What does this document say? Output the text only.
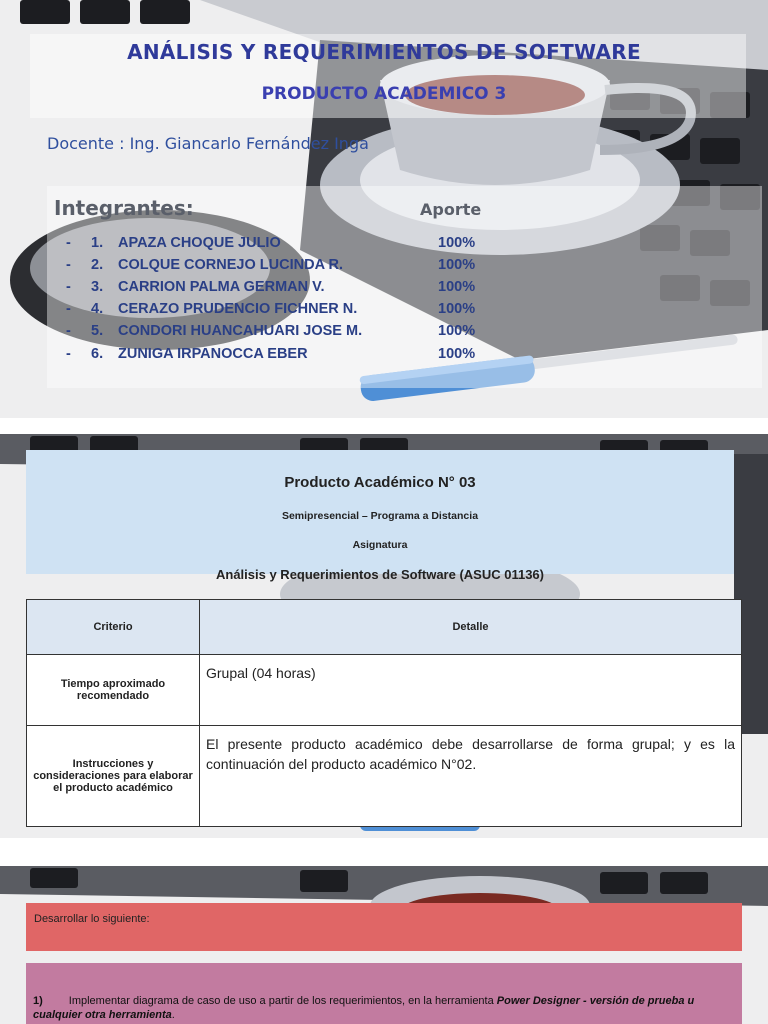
ANÁLISIS Y REQUERIMIENTOS DE SOFTWARE
PRODUCTO ACADEMICO 3
Docente : Ing. Giancarlo Fernández Inga
Integrantes:	Aporte
- 1. APAZA CHOQUE JULIO	100%
- 2. COLQUE CORNEJO LUCINDA R.	100%
- 3. CARRION PALMA GERMAN V.	100%
- 4. CERAZO PRUDENCIO FICHNER N.	100%
- 5. CONDORI HUANCAHUARI JOSE M.	100%
- 6. ZUNIGA IRPANOCCA EBER	100%
Producto Académico N° 03
Semipresencial – Programa a Distancia
Asignatura
Análisis y Requerimientos de Software (ASUC 01136)
Criterio	Detalle
Tiempo aproximado recomendado	Grupal (04 horas)
Instrucciones y consideraciones para elaborar el producto académico	El presente producto académico debe desarrollarse de forma grupal; y es la continuación del producto académico N°02.
Desarrollar lo siguiente:
1) Implementar diagrama de caso de uso a partir de los requerimientos, en la herramienta Power Designer - versión de prueba u cualquier otra herramienta.
